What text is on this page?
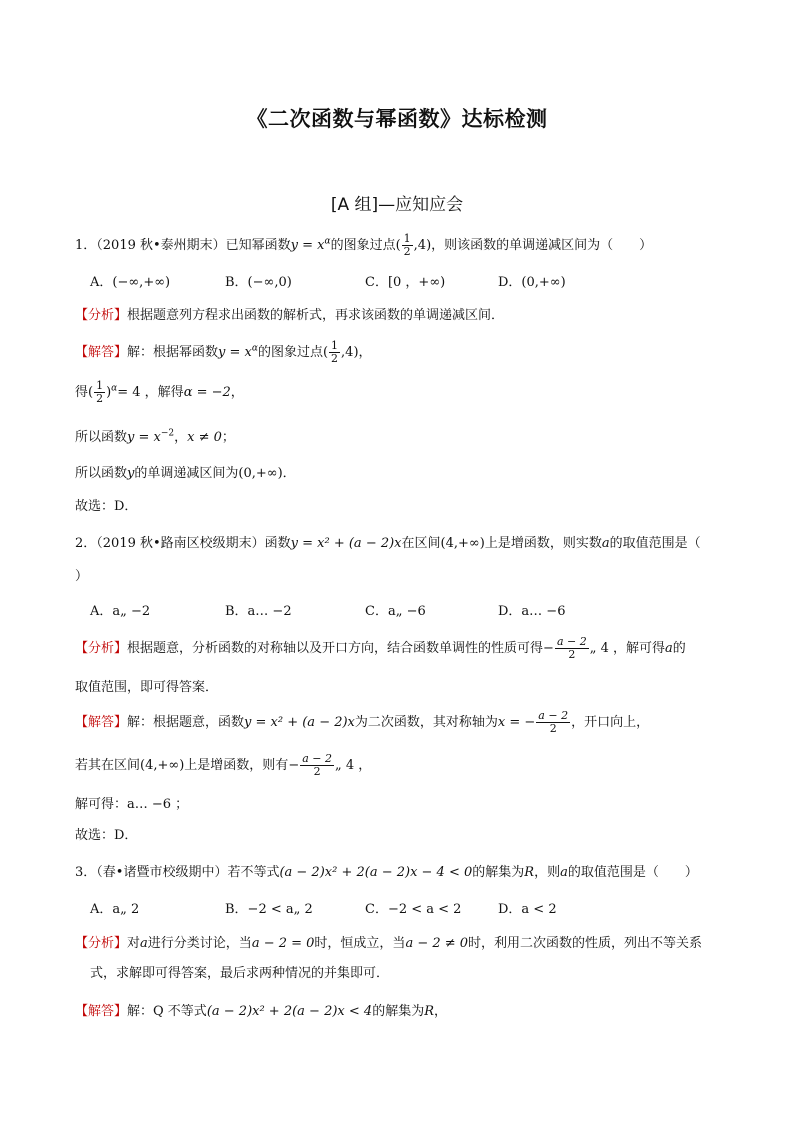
《二次函数与幂函数》达标检测
[A 组]—应知应会
1．（2019 秋•泰州期末）已知幂函数$y = x^\alpha$的图象过点( $\frac{1}{2} ,4$)，则该函数的单调递减区间为（　　）
A．(−∞,+∞)	B．(−∞,0)	C．[0 ，+∞)	D．(0,+∞)
【分析】根据题意列方程求出函数的解析式，再求该函数的单调递减区间．
【解答】解：根据幂函数$y = x^\alpha$的图象过点( $\frac{1}{2} ,4$)，
得( $\frac{1}{2} )^\alpha= 4$ ，解得α = −2，
所以函数$y = x^{-2}$，x ≠ 0；
所以函数y的单调递减区间为(0,+∞)．
故选：D．
2．（2019 秋•路南区校级期末）函数y = x² + (a − 2)x在区间(4,+∞)上是增函数，则实数a的取值范围是（
）
A．a„ −2	B．a… −2	C．a„ −6	D．a… −6
【分析】根据题意，分析函数的对称轴以及开口方向，结合函数单调性的性质可得− $\frac{a - 2}{2}$ „ 4 ，解可得a的
取值范围，即可得答案．
【解答】解：根据题意，函数y = x² + (a − 2)x为二次函数，其对称轴为x = − $\frac{a - 2}{2}$ ，开口向上，
若其在区间(4,+∞)上是增函数，则有− $\frac{a - 2}{2}$ „ 4 ，
解可得：a… −6 ；
故选：D．
3．（春•诸暨市校级期中）若不等式(a − 2)x² + 2(a − 2)x − 4 < 0的解集为R，则a的取值范围是（　　）
A．a„ 2	B．−2 < a„ 2	C．−2 < a < 2	D．a < 2
【分析】对a进行分类讨论，当a − 2 = 0时，恒成立，当a − 2 ≠ 0时，利用二次函数的性质，列出不等关系
式，求解即可得答案，最后求两种情况的并集即可．
【解答】解：Q 不等式(a − 2)x² + 2(a − 2)x < 4的解集为R，
